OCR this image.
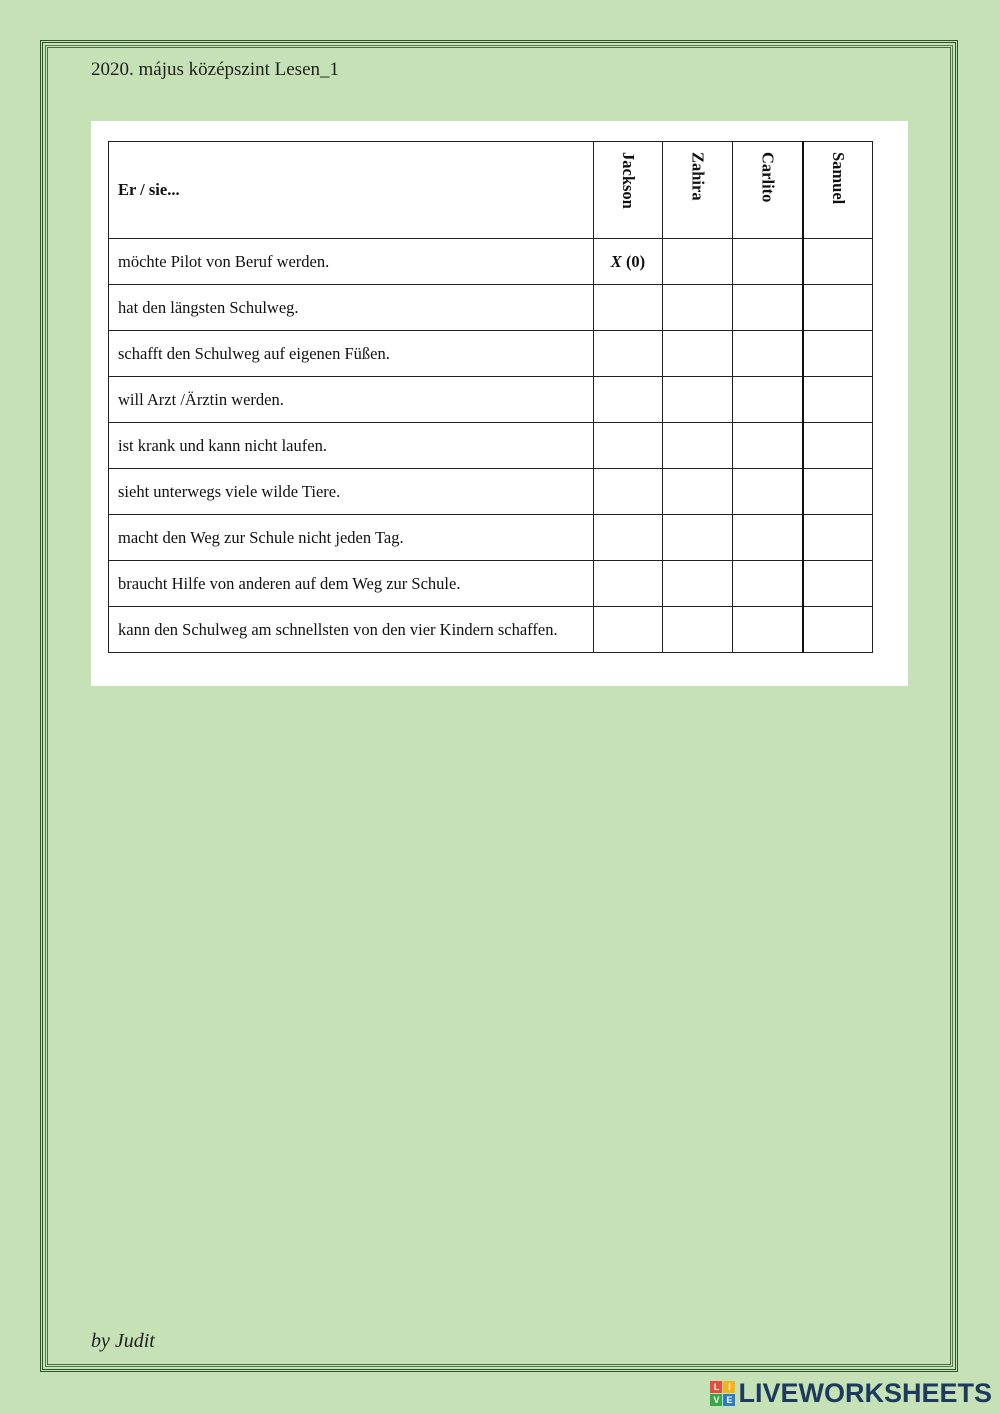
2020. május középszint Lesen_1
Er / sie...	Jackson	Zahira	Carlito	Samuel

möchte Pilot von Beruf werden.	X (0)			
hat den längsten Schulweg.				
schafft den Schulweg auf eigenen Füßen.				
will Arzt /Ärztin werden.				
ist krank und kann nicht laufen.				
sieht unterwegs viele wilde Tiere.				
macht den Weg zur Schule nicht jeden Tag.				
braucht Hilfe von anderen auf dem Weg zur Schule.				
kann den Schulweg am schnellsten von den vier Kindern schaffen.				
by Judit
L I
V E LIVEWORKSHEETS
